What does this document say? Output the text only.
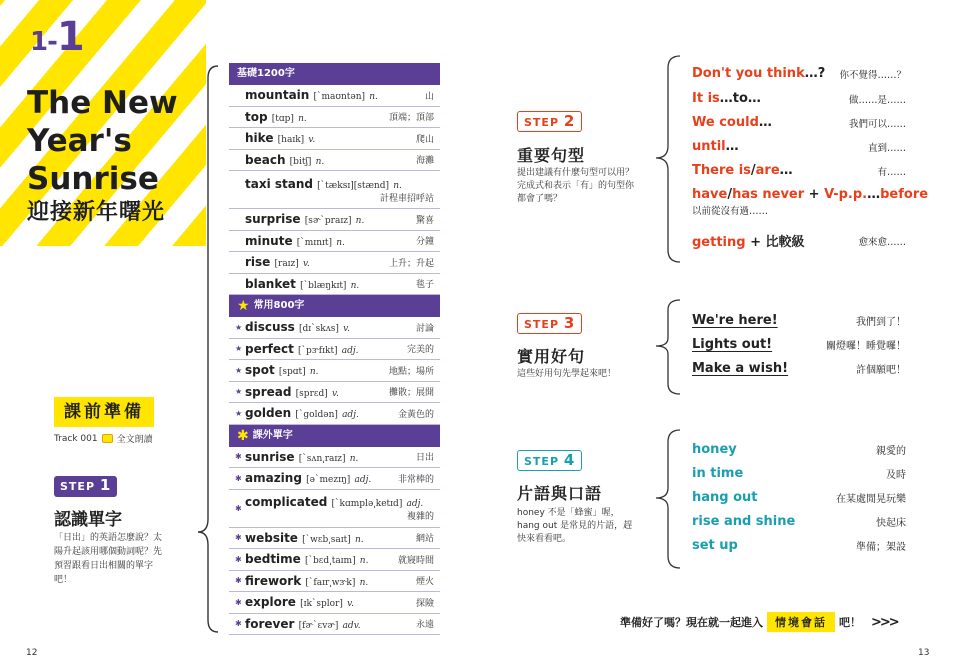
1-1
The New Year's Sunrise
迎接新年曙光
課前準備
Track 001 全文朗讀
STEP 1
認識單字
「日出」的英語怎麼說？太陽升起該用哪個動詞呢？先預習跟看日出相關的單字吧！
基礎1200字
mountain [ˋmaʊntən] n.	山
top [tɑp] n.	頂端；頂部
hike [haɪk] v.	爬山
beach [bitʃ] n.	海灘
taxi stand [ˋtæksɪ][stænd] n.
計程車招呼站
surprise [sɚˋpraɪz] n.	驚喜
minute [ˋmɪnɪt] n.	分鐘
rise [raɪz] v.	上升；升起
blanket [ˋblæŋkɪt] n.	毯子
★ 常用800字
★ discuss [dɪˋskʌs] v.	討論
★ perfect [ˋpɝfɪkt] adj.	完美的
★ spot [spɑt] n.	地點；場所
★ spread [sprɛd] v.	攤散；展開
★ golden [ˋgoldən] adj.	金黃色的
✱ 課外單字
✱ sunrise [ˋsʌn͵raɪz] n.	日出
✱ amazing [əˋmezɪŋ] adj.	非常棒的
✱ complicated [ˋkɑmplə͵ketɪd] adj.
複雜的
✱ website [ˋwɛb͵saɪt] n.	網站
✱ bedtime [ˋbɛd͵taɪm] n.	就寢時間
✱ firework [ˋfaɪr͵wɝk] n.	煙火
✱ explore [ɪkˋsplor] v.	探險
✱ forever [fɚˋɛvɚ] adv.	永遠
12
STEP 2
重要句型
提出建議有什麼句型可以用？完成式和表示「有」的句型你都會了嗎？
Don't you think…? 你不覺得……？
It is…to…	做……是……
We could…	我們可以……
until…	直到……
There is/are…	有……
have/has never + V-p.p.…before
以前從沒有過……
getting + 比較級	愈來愈……
STEP 3
實用好句
這些好用句先學起來吧！
We're here!	我們到了！
Lights out!	關燈囉！睡覺囉！
Make a wish!	許個願吧！
STEP 4
片語與口語
honey 不是「蜂蜜」喔，hang out 是常見的片語，趕快來看看吧。
honey	親愛的
in time	及時
hang out	在某處閒晃玩樂
rise and shine	快起床
set up	準備；架設
準備好了嗎？現在就一起進入	情境會話	吧！ >>>
13
